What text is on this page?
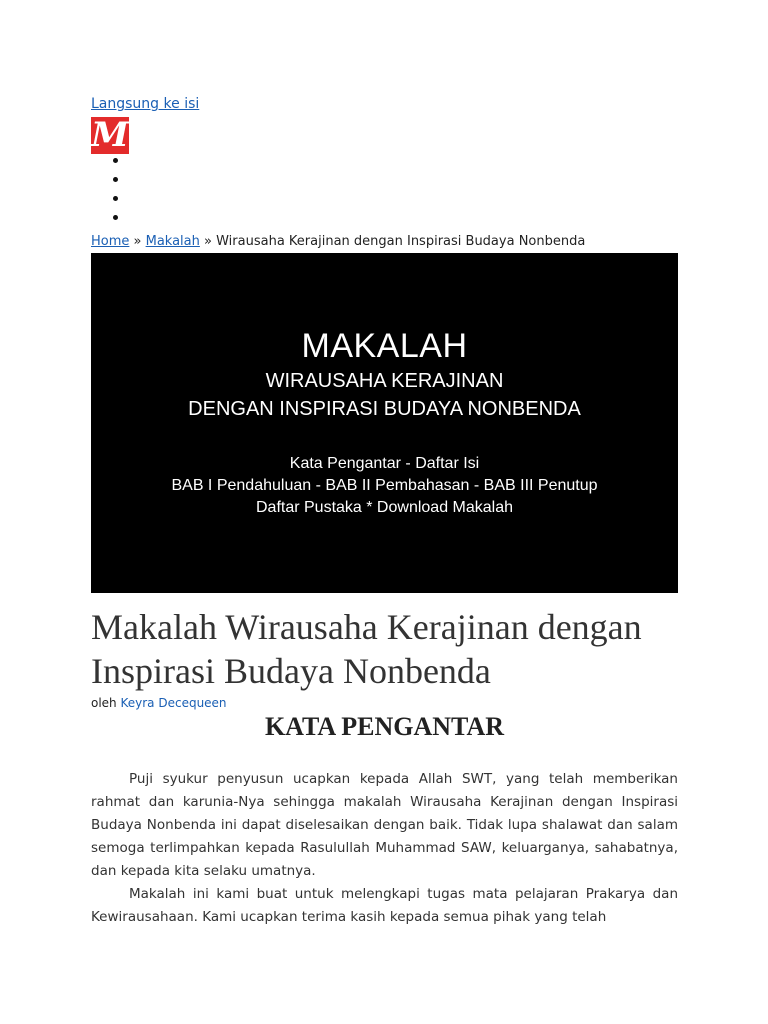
Langsung ke isi
M
Home » Makalah » Wirausaha Kerajinan dengan Inspirasi Budaya Nonbenda
MAKALAH
WIRAUSAHA KERAJINAN
DENGAN INSPIRASI BUDAYA NONBENDA
Kata Pengantar - Daftar Isi
BAB I Pendahuluan - BAB II Pembahasan - BAB III Penutup
Daftar Pustaka * Download Makalah
Makalah Wirausaha Kerajinan dengan Inspirasi Budaya Nonbenda
oleh Keyra Decequeen
KATA PENGANTAR

Puji syukur penyusun ucapkan kepada Allah SWT, yang telah memberikan rahmat dan karunia-Nya sehingga makalah Wirausaha Kerajinan dengan Inspirasi Budaya Nonbenda ini dapat diselesaikan dengan baik. Tidak lupa shalawat dan salam semoga terlimpahkan kepada Rasulullah Muhammad SAW, keluarganya, sahabatnya, dan kepada kita selaku umatnya.

Makalah ini kami buat untuk melengkapi tugas mata pelajaran Prakarya dan Kewirausahaan. Kami ucapkan terima kasih kepada semua pihak yang telah
